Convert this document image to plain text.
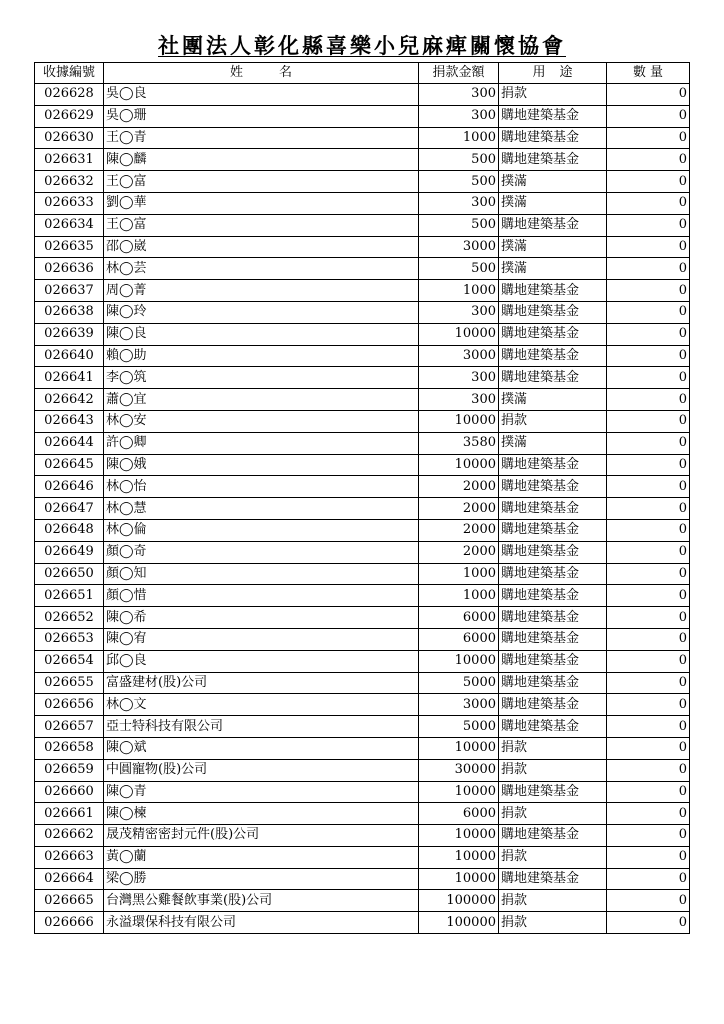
社團法人彰化縣喜樂小兒麻痺關懷協會
收據編號	姓名	捐款金額	用途	數量
026628	吳◯良	300	捐款	0
026629	吳◯珊	300	購地建築基金	0
026630	王◯青	1000	購地建築基金	0
026631	陳◯麟	500	購地建築基金	0
026632	王◯富	500	撲滿	0
026633	劉◯華	300	撲滿	0
026634	王◯富	500	購地建築基金	0
026635	邵◯崴	3000	撲滿	0
026636	林◯芸	500	撲滿	0
026637	周◯菁	1000	購地建築基金	0
026638	陳◯玲	300	購地建築基金	0
026639	陳◯良	10000	購地建築基金	0
026640	賴◯助	3000	購地建築基金	0
026641	李◯筑	300	購地建築基金	0
026642	蕭◯宜	300	撲滿	0
026643	林◯安	10000	捐款	0
026644	許◯卿	3580	撲滿	0
026645	陳◯娥	10000	購地建築基金	0
026646	林◯怡	2000	購地建築基金	0
026647	林◯慧	2000	購地建築基金	0
026648	林◯倫	2000	購地建築基金	0
026649	顏◯奇	2000	購地建築基金	0
026650	顏◯知	1000	購地建築基金	0
026651	顏◯惜	1000	購地建築基金	0
026652	陳◯希	6000	購地建築基金	0
026653	陳◯宥	6000	購地建築基金	0
026654	邱◯良	10000	購地建築基金	0
026655	富盛建材(股)公司	5000	購地建築基金	0
026656	林◯文	3000	購地建築基金	0
026657	亞士特科技有限公司	5000	購地建築基金	0
026658	陳◯斌	10000	捐款	0
026659	中圓寵物(股)公司	30000	捐款	0
026660	陳◯青	10000	購地建築基金	0
026661	陳◯楝	6000	捐款	0
026662	晟茂精密密封元件(股)公司	10000	購地建築基金	0
026663	黃◯蘭	10000	捐款	0
026664	梁◯勝	10000	購地建築基金	0
026665	台灣黑公雞餐飲事業(股)公司	100000	捐款	0
026666	永溢環保科技有限公司	100000	捐款	0
